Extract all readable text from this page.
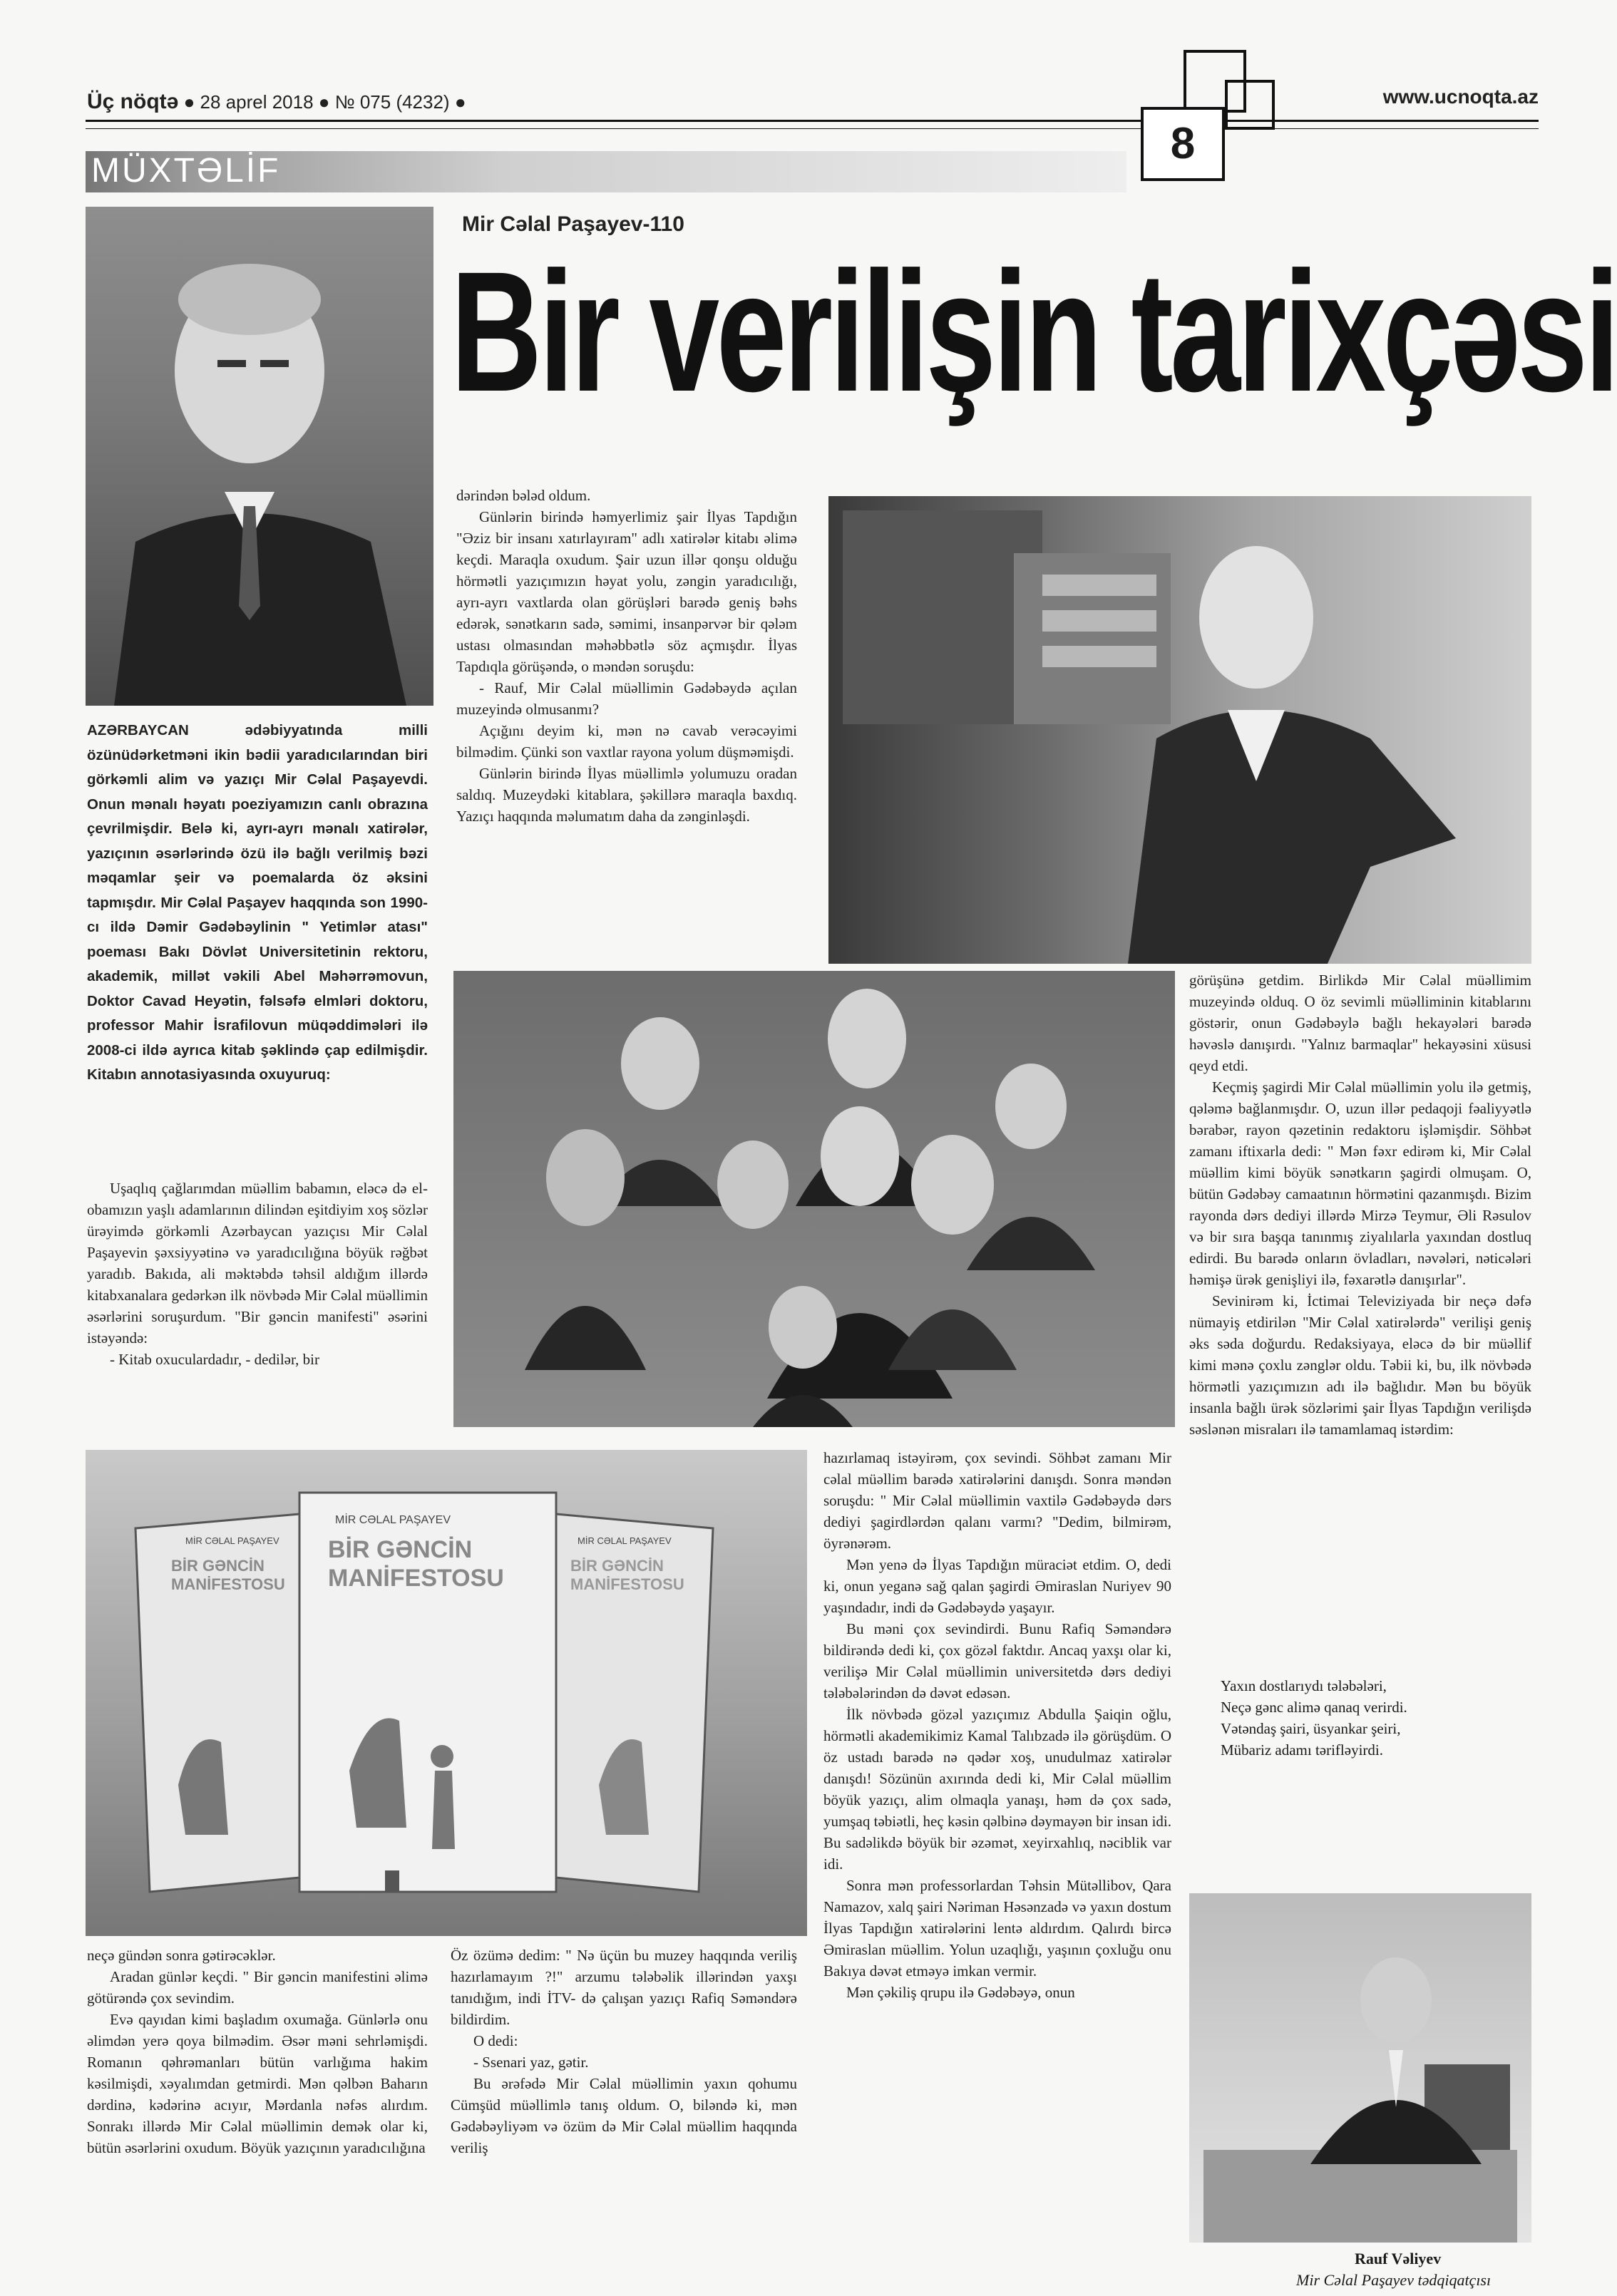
Üç nöqtə ● 28 aprel 2018 ● № 075 (4232) ●	www.ucnoqta.az
8
MÜXTƏLİF
Mir Cəlal Paşayev-110
Bir verilişin tarixçəsi

AZƏRBAYCAN ədəbiyyatında milli özünüdərketməni ikin bədii yaradıcılarından biri görkəmli alim və yazıçı Mir Cəlal Paşayevdi. Onun mənalı həyatı poeziyamızın canlı obrazına çevrilmişdir. Belə ki, ayrı-ayrı mənalı xatirələr, yazıçının əsərlərində özü ilə bağlı verilmiş bəzi məqamlar şeir və poemalarda öz əksini tapmışdır. Mir Cəlal Paşayev haqqında son 1990-cı ildə Dəmir Gədəbəylinin " Yetimlər atası" poeması Bakı Dövlət Universitetinin rektoru, akademik, millət vəkili Abel Məhərrəmovun, Doktor Cavad Heyətin, fəlsəfə elmləri doktoru, professor Mahir İsrafilovun müqəddimələri ilə 2008-ci ildə ayrıca kitab şəklində çap edilmişdir. Kitabın annotasiyasında oxuyuruq:

Uşaqlıq çağlarımdan müəllim babamın, eləcə də el-obamızın yaşlı adamlarının dilindən eşitdiyim xoş sözlər ürəyimdə görkəmli Azərbaycan yazıçısı Mir Cəlal Paşayevin şəxsiyyətinə və yaradıcılığına böyük rəğbət yaradıb. Bakıda, ali məktəbdə təhsil aldığım illərdə kitabxanalara gedərkən ilk növbədə Mir Cəlal müəllimin əsərlərini soruşurdum. "Bir gəncin manifesti" əsərini istəyəndə:

- Kitab oxuculardadır, - dedilər, bir

dərindən bələd oldum.

Günlərin birində həmyerlimiz şair İlyas Tapdığın "Əziz bir insanı xatırlayıram" adlı xatirələr kitabı əlimə keçdi. Maraqla oxudum. Şair uzun illər qonşu olduğu hörmətli yazıçımızın həyat yolu, zəngin yaradıcılığı, ayrı-ayrı vaxtlarda olan görüşləri barədə geniş bəhs edərək, sənətkarın sadə, səmimi, insanpərvər bir qələm ustası olmasından məhəbbətlə söz açmışdır. İlyas Tapdıqla görüşəndə, o məndən soruşdu:

- Rauf, Mir Cəlal müəllimin Gədəbəydə açılan muzeyində olmusanmı?

Açığını deyim ki, mən nə cavab verəcəyimi bilmədim. Çünki son vaxtlar rayona yolum düşməmişdi.

Günlərin birində İlyas müəllimlə yolumuzu oradan saldıq. Muzeydəki kitablara, şəkillərə maraqla baxdıq. Yazıçı haqqında məlumatım daha da zənginləşdi.

görüşünə getdim. Birlikdə Mir Cəlal müəllimim muzeyində olduq. O öz sevimli müəlliminin kitablarını göstərir, onun Gədəbəylə bağlı hekayələri barədə həvəslə danışırdı. "Yalnız barmaqlar" hekayəsini xüsusi qeyd etdi.

Keçmiş şagirdi Mir Cəlal müəllimin yolu ilə getmiş, qələmə bağlanmışdır. O, uzun illər pedaqoji fəaliyyətlə bərabər, rayon qəzetinin redaktoru işləmişdir. Söhbət zamanı iftixarla dedi: " Mən fəxr edirəm ki, Mir Cəlal müəllim kimi böyük sənətkarın şagirdi olmuşam. O, bütün Gədəbəy camaatının hörmətini qazanmışdı. Bizim rayonda dərs dediyi illərdə Mirzə Teymur, Əli Rəsulov və bir sıra başqa tanınmış ziyalılarla yaxından dostluq edirdi. Bu barədə onların övladları, nəvələri, nəticələri həmişə ürək genişliyi ilə, fəxarətlə danışırlar".

Sevinirəm ki, İctimai Televiziyada bir neçə dəfə nümayiş etdirilən "Mir Cəlal xatirələrdə" verilişi geniş əks səda doğurdu. Redaksiyaya, eləcə də bir müəllif kimi mənə çoxlu zənglər oldu. Təbii ki, bu, ilk növbədə hörmətli yazıçımızın adı ilə bağlıdır. Mən bu böyük insanla bağlı ürək sözlərimi şair İlyas Tapdığın verilişdə səslənən misraları ilə tamamlamaq istərdim:

Yaxın dostlarıydı tələbələri,

Neçə gənc alimə qanaq verirdi.

Vətəndaş şairi, üsyankar şeiri,

Mübariz adamı tərifləyirdi.

MİR CƏLAL PAŞAYEV
BİR GƏNCİN MANİFESTOSU
MİR CƏLAL PAŞAYEV
BİR GƏNCİN MANİFESTOSU
MİR CƏLAL PAŞAYEV
BİR GƏNCİN MANİFESTOSU

hazırlamaq istəyirəm, çox sevindi. Söhbət zamanı Mir cəlal müəllim barədə xatirələrini danışdı. Sonra məndən soruşdu: " Mir Cəlal müəllimin vaxtilə Gədəbəydə dərs dediyi şagirdlərdən qalanı varmı? "Dedim, bilmirəm, öyrənərəm.

Mən yenə də İlyas Tapdığın müraciət etdim. O, dedi ki, onun yeganə sağ qalan şagirdi Əmiraslan Nuriyev 90 yaşındadır, indi də Gədəbəydə yaşayır.

Bu məni çox sevindirdi. Bunu Rafiq Səməndərə bildirəndə dedi ki, çox gözəl faktdır. Ancaq yaxşı olar ki, verilişə Mir Cəlal müəllimin universitetdə dərs dediyi tələbələrindən də dəvət edəsən.

İlk növbədə gözəl yazıçımız Abdulla Şaiqin oğlu, hörmətli akademikimiz Kamal Talıbzadə ilə görüşdüm. O öz ustadı barədə nə qədər xoş, unudulmaz xatirələr danışdı! Sözünün axırında dedi ki, Mir Cəlal müəllim böyük yazıçı, alim olmaqla yanaşı, həm də çox sadə, yumşaq təbiətli, heç kəsin qəlbinə dəymayən bir insan idi. Bu sadəlikdə böyük bir əzəmət, xeyirxahlıq, nəciblik var idi.

Sonra mən professorlardan Təhsin Mütəllibov, Qara Namazov, xalq şairi Nəriman Həsənzadə və yaxın dostum İlyas Tapdığın xatirələrini lentə aldırdım. Qalırdı bircə Əmiraslan müəllim. Yolun uzaqlığı, yaşının çoxluğu onu Bakıya dəvət etməyə imkan vermir.

Mən çəkiliş qrupu ilə Gədəbəyə, onun

neçə gündən sonra gətirəcəklər.

Aradan günlər keçdi. " Bir gəncin manifestini əlimə götürəndə çox sevindim.

Evə qayıdan kimi başladım oxumağa. Günlərlə onu əlimdən yerə qoya bilmədim. Əsər məni sehrləmişdi. Romanın qəhrəmanları bütün varlığıma hakim kəsilmişdi, xəyalımdan getmirdi. Mən qəlbən Baharın dərdinə, kədərinə acıyır, Mərdanla nəfəs alırdım. Sonrakı illərdə Mir Cəlal müəllimin demək olar ki, bütün əsərlərini oxudum. Böyük yazıçının yaradıcılığına

Öz özümə dedim: " Nə üçün bu muzey haqqında veriliş hazırlamayım ?!" arzumu tələbəlik illərindən yaxşı tanıdığım, indi İTV- də çalışan yazıçı Rafiq Səməndərə bildirdim.

O dedi:

- Ssenari yaz, gətir.

Bu ərəfədə Mir Cəlal müəllimin yaxın qohumu Cümşüd müəllimlə tanış oldum. O, biləndə ki, mən Gədəbəyliyəm və özüm də Mir Cəlal müəllim haqqında veriliş

Rauf Vəliyev
Mir Cəlal Paşayev tədqiqatçısı
